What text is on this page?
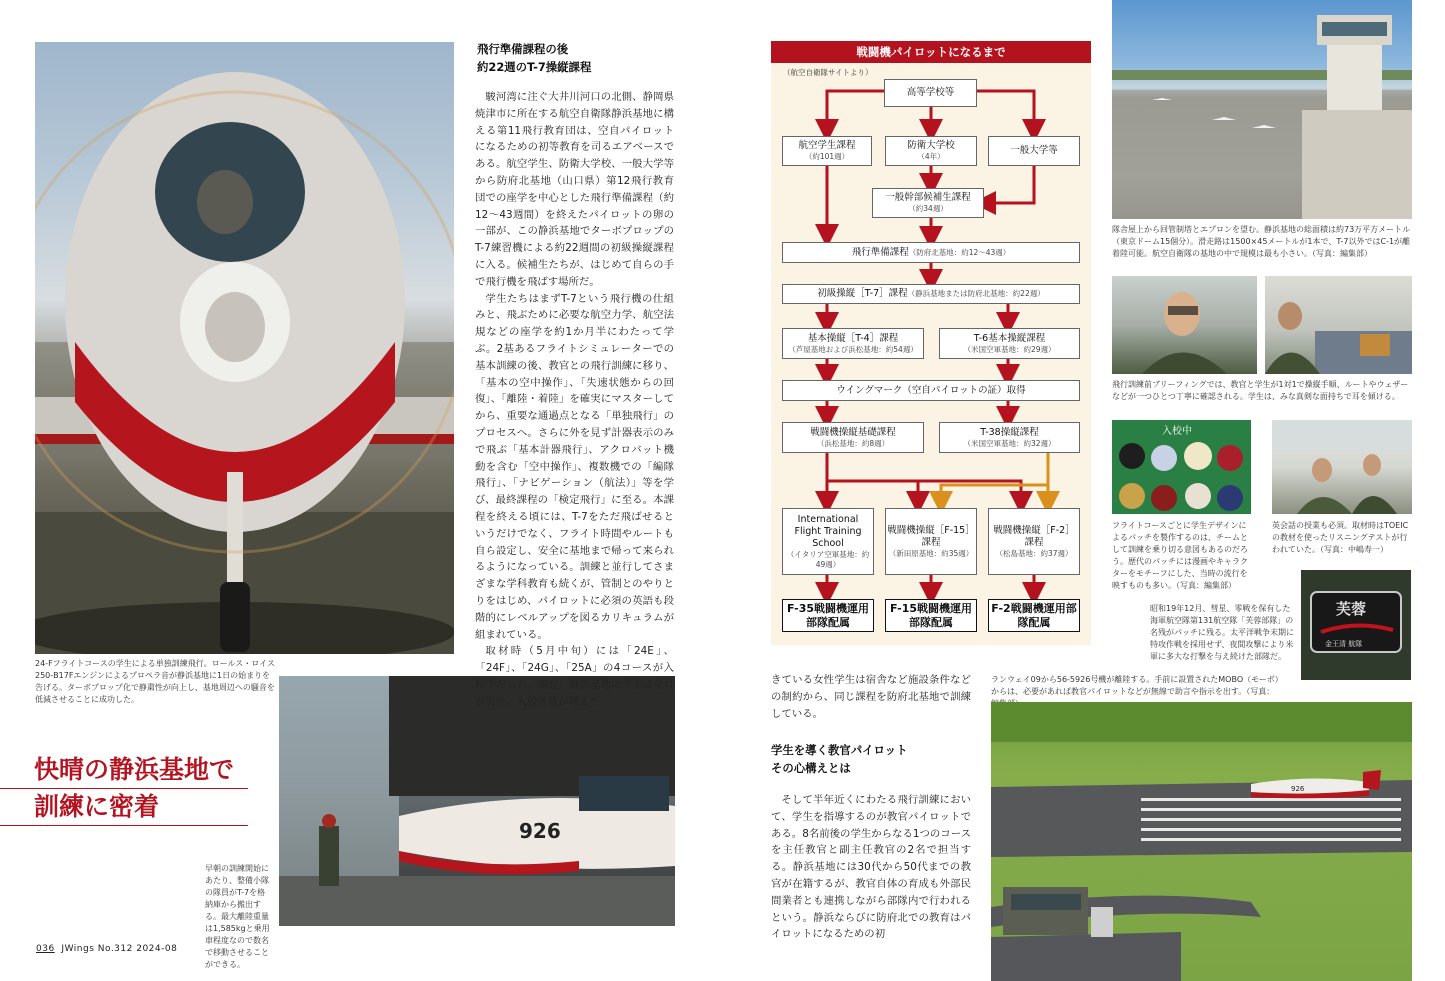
24-Fフライトコースの学生による単独訓練飛行。ロールス・ロイス 250-B17Fエンジンによるプロペラ音が静浜基地に1日の始まりを告げる。ターボプロップ化で静粛性が向上し、基地周辺への騒音を低減させることに成功した。
926
快晴の静浜基地で
訓練に密着
早朝の訓練開始にあたり、整備小隊の隊員がT-7を格納庫から搬出する。最大離陸重量は1,585kgと乗用車程度なので数名で移動させることができる。
飛行準備課程の後
約22週のT-7操縦課程

駿河湾に注ぐ大井川河口の北側、静岡県焼津市に所在する航空自衛隊静浜基地に構える第11飛行教育団は、空自パイロットになるための初等教育を司るエアベースである。航空学生、防衛大学校、一般大学等から防府北基地（山口県）第12飛行教育団での座学を中心とした飛行準備課程（約12～43週間）を終えたパイロットの卵の一部が、この静浜基地でターボプロップのT-7練習機による約22週間の初級操縦課程に入る。候補生たちが、はじめて自らの手で飛行機を飛ばす場所だ。

学生たちはまずT-7という飛行機の仕組みと、飛ぶために必要な航空力学、航空法規などの座学を約1か月半にわたって学ぶ。2基あるフライトシミュレーターでの基本訓練の後、教官との飛行訓練に移り、「基本の空中操作」、「失速状態からの回復」、「離陸・着陸」を確実にマスターしてから、重要な通過点となる「単独飛行」のプロセスへ。さらに外を見ず計器表示のみで飛ぶ「基本計器飛行」、アクロバット機動を含む「空中操作」、複数機での「編隊飛行」、「ナビゲーション（航法）」等を学び、最終課程の「検定飛行」に至る。本課程を終える頃には、T-7をただ飛ばせるというだけでなく、フライト時間やルートも自ら設定し、安全に基地まで帰って来られるようになっている。訓練と並行してさまざまな学科教育も続くが、管制とのやりとりをはじめ、パイロットに必須の英語も段階的にレベルアップを図るカリキュラムが組まれている。

取材時（5月中旬）には「24E」、「24F」、「24G」、「25A」の4コースが入校中だった。現在、静浜基地の学生は全員が男性。入校者数が増えて

036 JWings No.312 2024-08
戦闘機パイロットになるまで
（航空自衛隊サイトより）
高等学校等
航空学生課程
（約101週）
防衛大学校
（4年）
一般大学等
一般幹部候補生課程
（約34週）
飛行準備課程 （防府北基地：約12〜43週）
初級操縦［T-7］課程 （静浜基地または防府北基地：約22週）
基本操縦［T-4］課程
（芦屋基地および浜松基地：約54週）
T-6基本操縦課程
（米国空軍基地：約29週）
ウイングマーク（空自パイロットの証）取得
戦闘機操縦基礎課程
（浜松基地：約8週）
T-38操縦課程
（米国空軍基地：約32週）
International Flight Training School
（イタリア空軍基地：約49週）
戦闘機操縦［F-15］課程
（新田原基地：約35週）
戦闘機操縦［F-2］課程
（松島基地：約37週）
F-35戦闘機運用部隊配属
F-15戦闘機運用部隊配属
F-2戦闘機運用部隊配属
きている女性学生は宿舎など施設条件などの制約から、同じ課程を防府北基地で訓練している。
学生を導く教官パイロット
その心構えとは

そして半年近くにわたる飛行訓練において、学生を指導するのが教官パイロットである。8名前後の学生からなる1つのコースを主任教官と副主任教官の2名で担当する。静浜基地には30代から50代までの教官が在籍するが、教官自体の育成も外部民間業者とも連携しながら部隊内で行われるという。静浜ならびに防府北での教育はパイロットになるための初

隊舎屋上から回管制塔とエプロンを望む。静浜基地の総面積は約73万平方メートル（東京ドーム15個分）。滑走路は1500×45メートルが1本で、T-7以外ではC-1が離着陸可能。航空自衛隊の基地の中で規模は最も小さい。（写真：編集部）
飛行訓練前ブリーフィングでは、教官と学生が1対1で操縦手順、ルートやウェザーなどが一つひとつ丁寧に確認される。学生は、みな真剣な面持ちで耳を傾ける。
入校中
フライトコースごとに学生デザインによるパッチを製作するのは、チームとして訓練を乗り切る意図もあるのだろう。歴代のパッチには漫画やキャラクターをモチーフにした、当時の流行を映すものも多い。（写真：編集部）
英会話の授業も必須。取材時はTOEICの教材を使ったリスニングテストが行われていた。（写真：中嶋寿一）
芙蓉
金王清 航隊
昭和19年12月、彗星、零戦を保有した海軍航空隊第131航空隊「芙蓉部隊」の名残がパッチに残る。太平洋戦争末期に特攻作戦を採用せず、夜間攻撃により米軍に多大な打撃を与え続けた部隊だ。
ランウェイ09から56-5926号機が離陸する。手前に設置されたMOBO（モーボ）からは、必要があれば教官パイロットなどが無線で助言や指示を出す。（写真：
926
